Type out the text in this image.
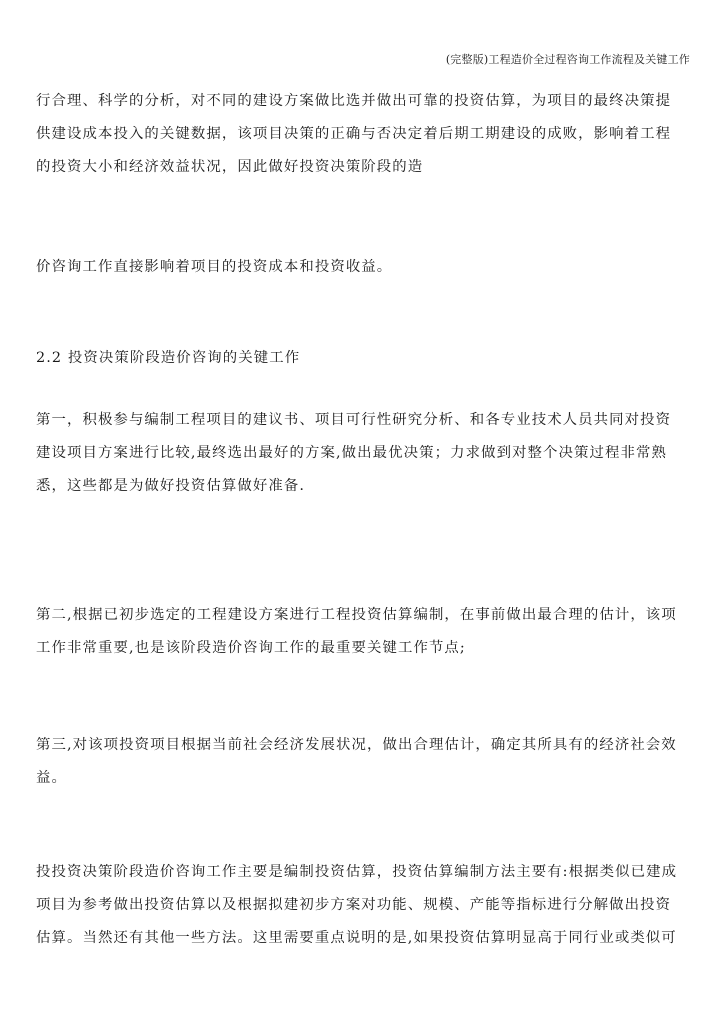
(完整版)工程造价全过程咨询工作流程及关键工作
行合理、科学的分析，对不同的建设方案做比选并做出可靠的投资估算，为项目的最终决策提
供建设成本投入的关键数据，该项目决策的正确与否决定着后期工期建设的成败，影响着工程
的投资大小和经济效益状况，因此做好投资决策阶段的造
价咨询工作直接影响着项目的投资成本和投资收益。
2.2 投资决策阶段造价咨询的关键工作
第一，积极参与编制工程项目的建议书、项目可行性研究分析、和各专业技术人员共同对投资
建设项目方案进行比较,最终选出最好的方案,做出最优决策；力求做到对整个决策过程非常熟
悉，这些都是为做好投资估算做好准备.
第二,根据已初步选定的工程建设方案进行工程投资估算编制，在事前做出最合理的估计，该项
工作非常重要,也是该阶段造价咨询工作的最重要关键工作节点;
第三,对该项投资项目根据当前社会经济发展状况，做出合理估计，确定其所具有的经济社会效
益。
投投资决策阶段造价咨询工作主要是编制投资估算，投资估算编制方法主要有:根据类似已建成
项目为参考做出投资估算以及根据拟建初步方案对功能、规模、产能等指标进行分解做出投资
估算。当然还有其他一些方法。这里需要重点说明的是,如果投资估算明显高于同行业或类似可
